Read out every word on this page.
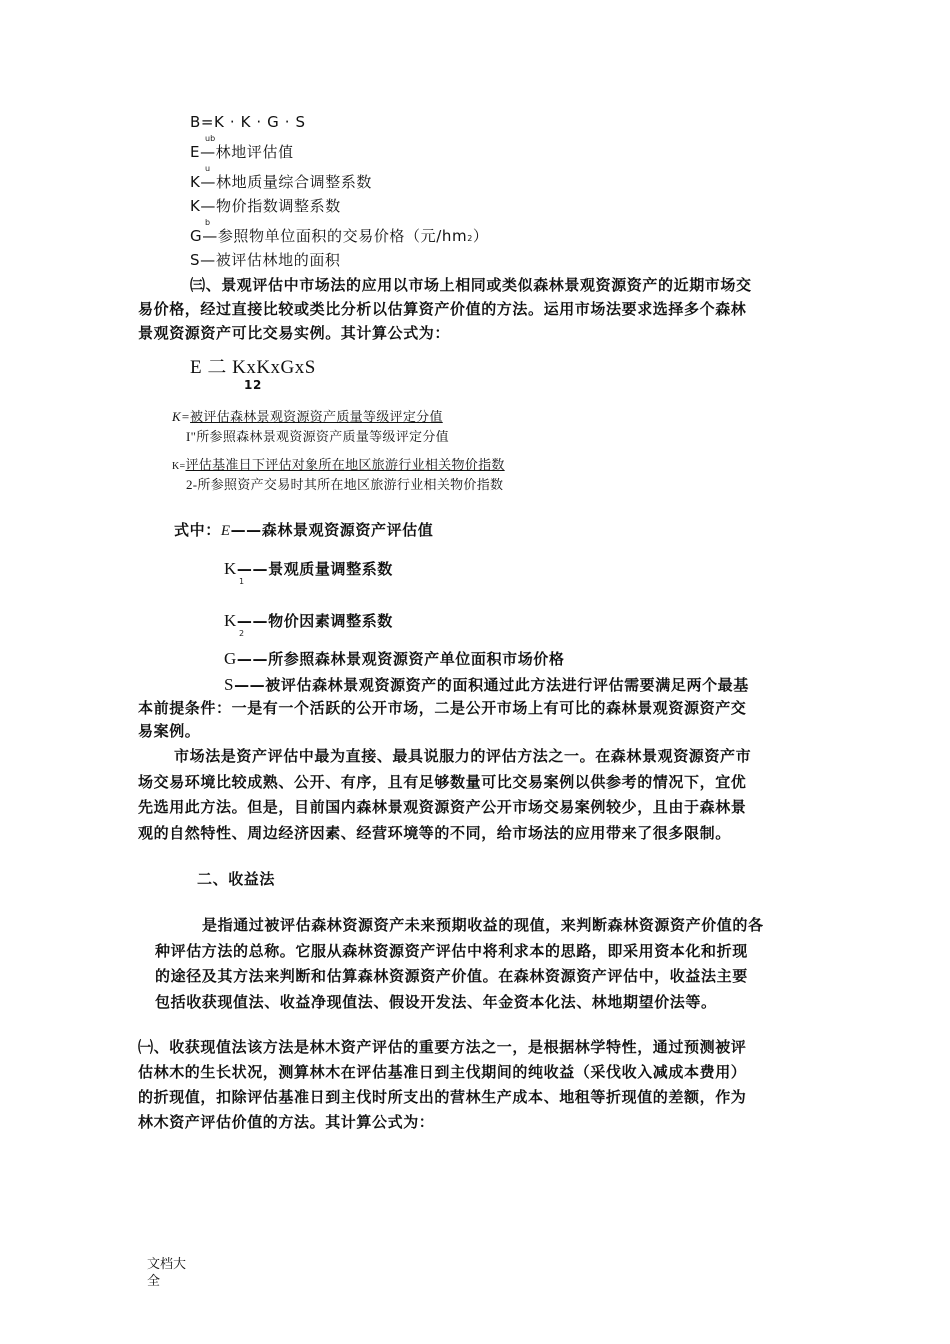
B=K · K · G · S
ub
E—林地评估值
u
K—林地质量综合调整系数
K—物价指数调整系数
b
G—参照物单位面积的交易价格（元/hm2）
S—被评估林地的面积
㈢、景观评估中市场法的应用以市场上相同或类似森林景观资源资产的近期市场交
易价格，经过直接比较或类比分析以估算资产价值的方法。运用市场法要求选择多个森林
景观资源资产可比交易实例。其计算公式为：
E 二 KxKxGxS
12
K=被评估森林景观资源资产质量等级评定分值
I"所参照森林景观资源资产质量等级评定分值
K=评估基准日下评估对象所在地区旅游行业相关物价指数
2-所参照资产交易时其所在地区旅游行业相关物价指数
式中：E——森林景观资源资产评估值
K——景观质量调整系数
1
K——物价因素调整系数
2
G——所参照森林景观资源资产单位面积市场价格
S——被评估森林景观资源资产的面积通过此方法进行评估需要满足两个最基
本前提条件：一是有一个活跃的公开市场，二是公开市场上有可比的森林景观资源资产交
易案例。
市场法是资产评估中最为直接、最具说服力的评估方法之一。在森林景观资源资产市
场交易环境比较成熟、公开、有序，且有足够数量可比交易案例以供参考的情况下，宜优
先选用此方法。但是，目前国内森林景观资源资产公开市场交易案例较少，且由于森林景
观的自然特性、周边经济因素、经营环境等的不同，给市场法的应用带来了很多限制。
二、收益法
是指通过被评估森林资源资产未来预期收益的现值，来判断森林资源资产价值的各
种评估方法的总称。它服从森林资源资产评估中将利求本的思路，即采用资本化和折现
的途径及其方法来判断和估算森林资源资产价值。在森林资源资产评估中，收益法主要
包括收获现值法、收益净现值法、假设开发法、年金资本化法、林地期望价法等。
㈠、收获现值法该方法是林木资产评估的重要方法之一，是根据林学特性，通过预测被评
估林木的生长状况，测算林木在评估基准日到主伐期间的纯收益（采伐收入减成本费用）
的折现值，扣除评估基准日到主伐时所支出的营林生产成本、地租等折现值的差额，作为
林木资产评估价值的方法。其计算公式为：
文档大
全
